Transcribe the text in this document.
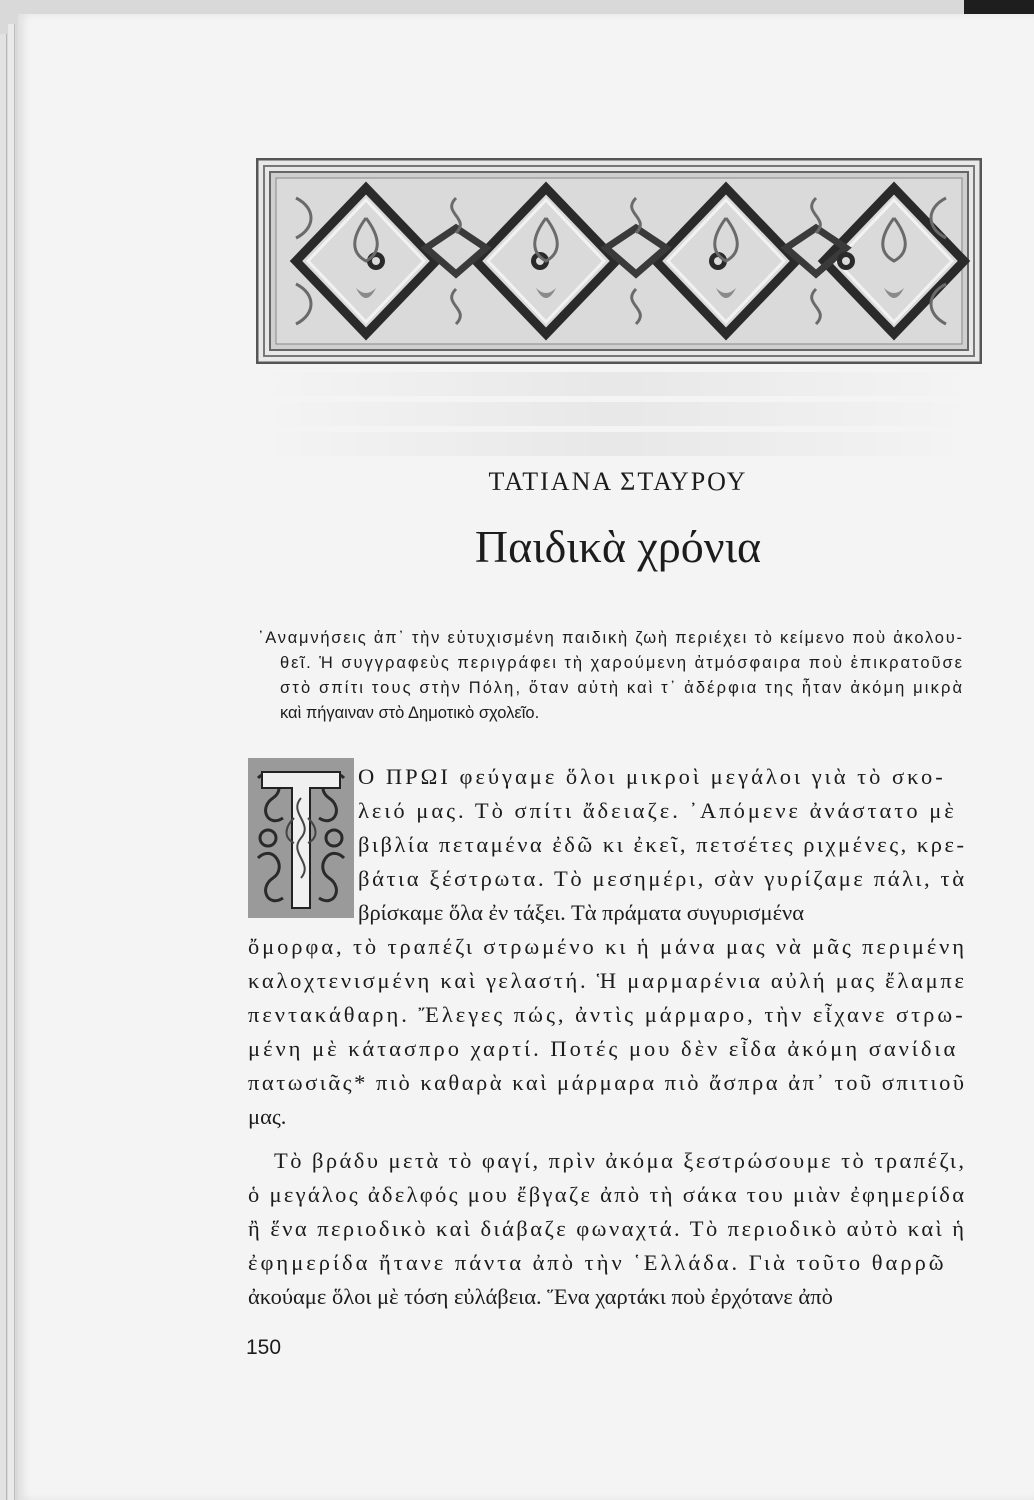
ΤΑΤΙΑΝΑ ΣΤΑΥΡΟΥ
Παιδικὰ χρόνια
᾿Αναμνήσεις ἀπ᾿ τὴν εὐτυχισμένη παιδικὴ ζωὴ περιέχει τὸ κείμενο ποὺ ἀκολου-
θεῖ. Ἡ συγγραφεὺς περιγράφει τὴ χαρούμενη ἀτμόσφαιρα ποὺ ἐπικρατοῦσε
στὸ σπίτι τους στὴν Πόλη, ὅταν αὐτὴ καὶ τ᾿ ἀδέρφια της ἦταν ἀκόμη μικρὰ
καὶ πήγαιναν στὸ Δημοτικὸ σχολεῖο.
Ο ΠΡΩΙ φεύγαμε ὅλοι μικροὶ μεγάλοι γιὰ τὸ σκο-
λειό μας. Τὸ σπίτι ἄδειαζε. ᾿Απόμενε ἀνάστατο μὲ
βιβλία πεταμένα ἐδῶ κι ἐκεῖ, πετσέτες ριχμένες, κρε-
βάτια ξέστρωτα. Τὸ μεσημέρι, σὰν γυρίζαμε πάλι, τὰ
βρίσκαμε ὅλα ἐν τάξει. Τὰ πράματα συγυρισμένα
ὄμορφα, τὸ τραπέζι στρωμένο κι ἡ μάνα μας νὰ μᾶς περιμένη
καλοχτενισμένη καὶ γελαστή. Ἡ μαρμαρένια αὐλή μας ἔλαμπε
πεντακάθαρη. Ἔλεγες πώς, ἀντὶς μάρμαρο, τὴν εἶχανε στρω-
μένη μὲ κάτασπρο χαρτί. Ποτές μου δὲν εἶδα ἀκόμη σανίδια
πατωσιᾶς* πιὸ καθαρὰ καὶ μάρμαρα πιὸ ἄσπρα ἀπ᾿ τοῦ σπιτιοῦ
μας.
Τὸ βράδυ μετὰ τὸ φαγί, πρὶν ἀκόμα ξεστρώσουμε τὸ τραπέζι,
ὁ μεγάλος ἀδελφός μου ἔβγαζε ἀπὸ τὴ σάκα του μιὰν ἐφημερίδα
ἢ ἕνα περιοδικὸ καὶ διάβαζε φωναχτά. Τὸ περιοδικὸ αὐτὸ καὶ ἡ
ἐφημερίδα ἤτανε πάντα ἀπὸ τὴν ῾Ελλάδα. Γιὰ τοῦτο θαρρῶ
ἀκούαμε ὅλοι μὲ τόση εὐλάβεια. Ἕνα χαρτάκι ποὺ ἐρχότανε ἀπὸ
150
